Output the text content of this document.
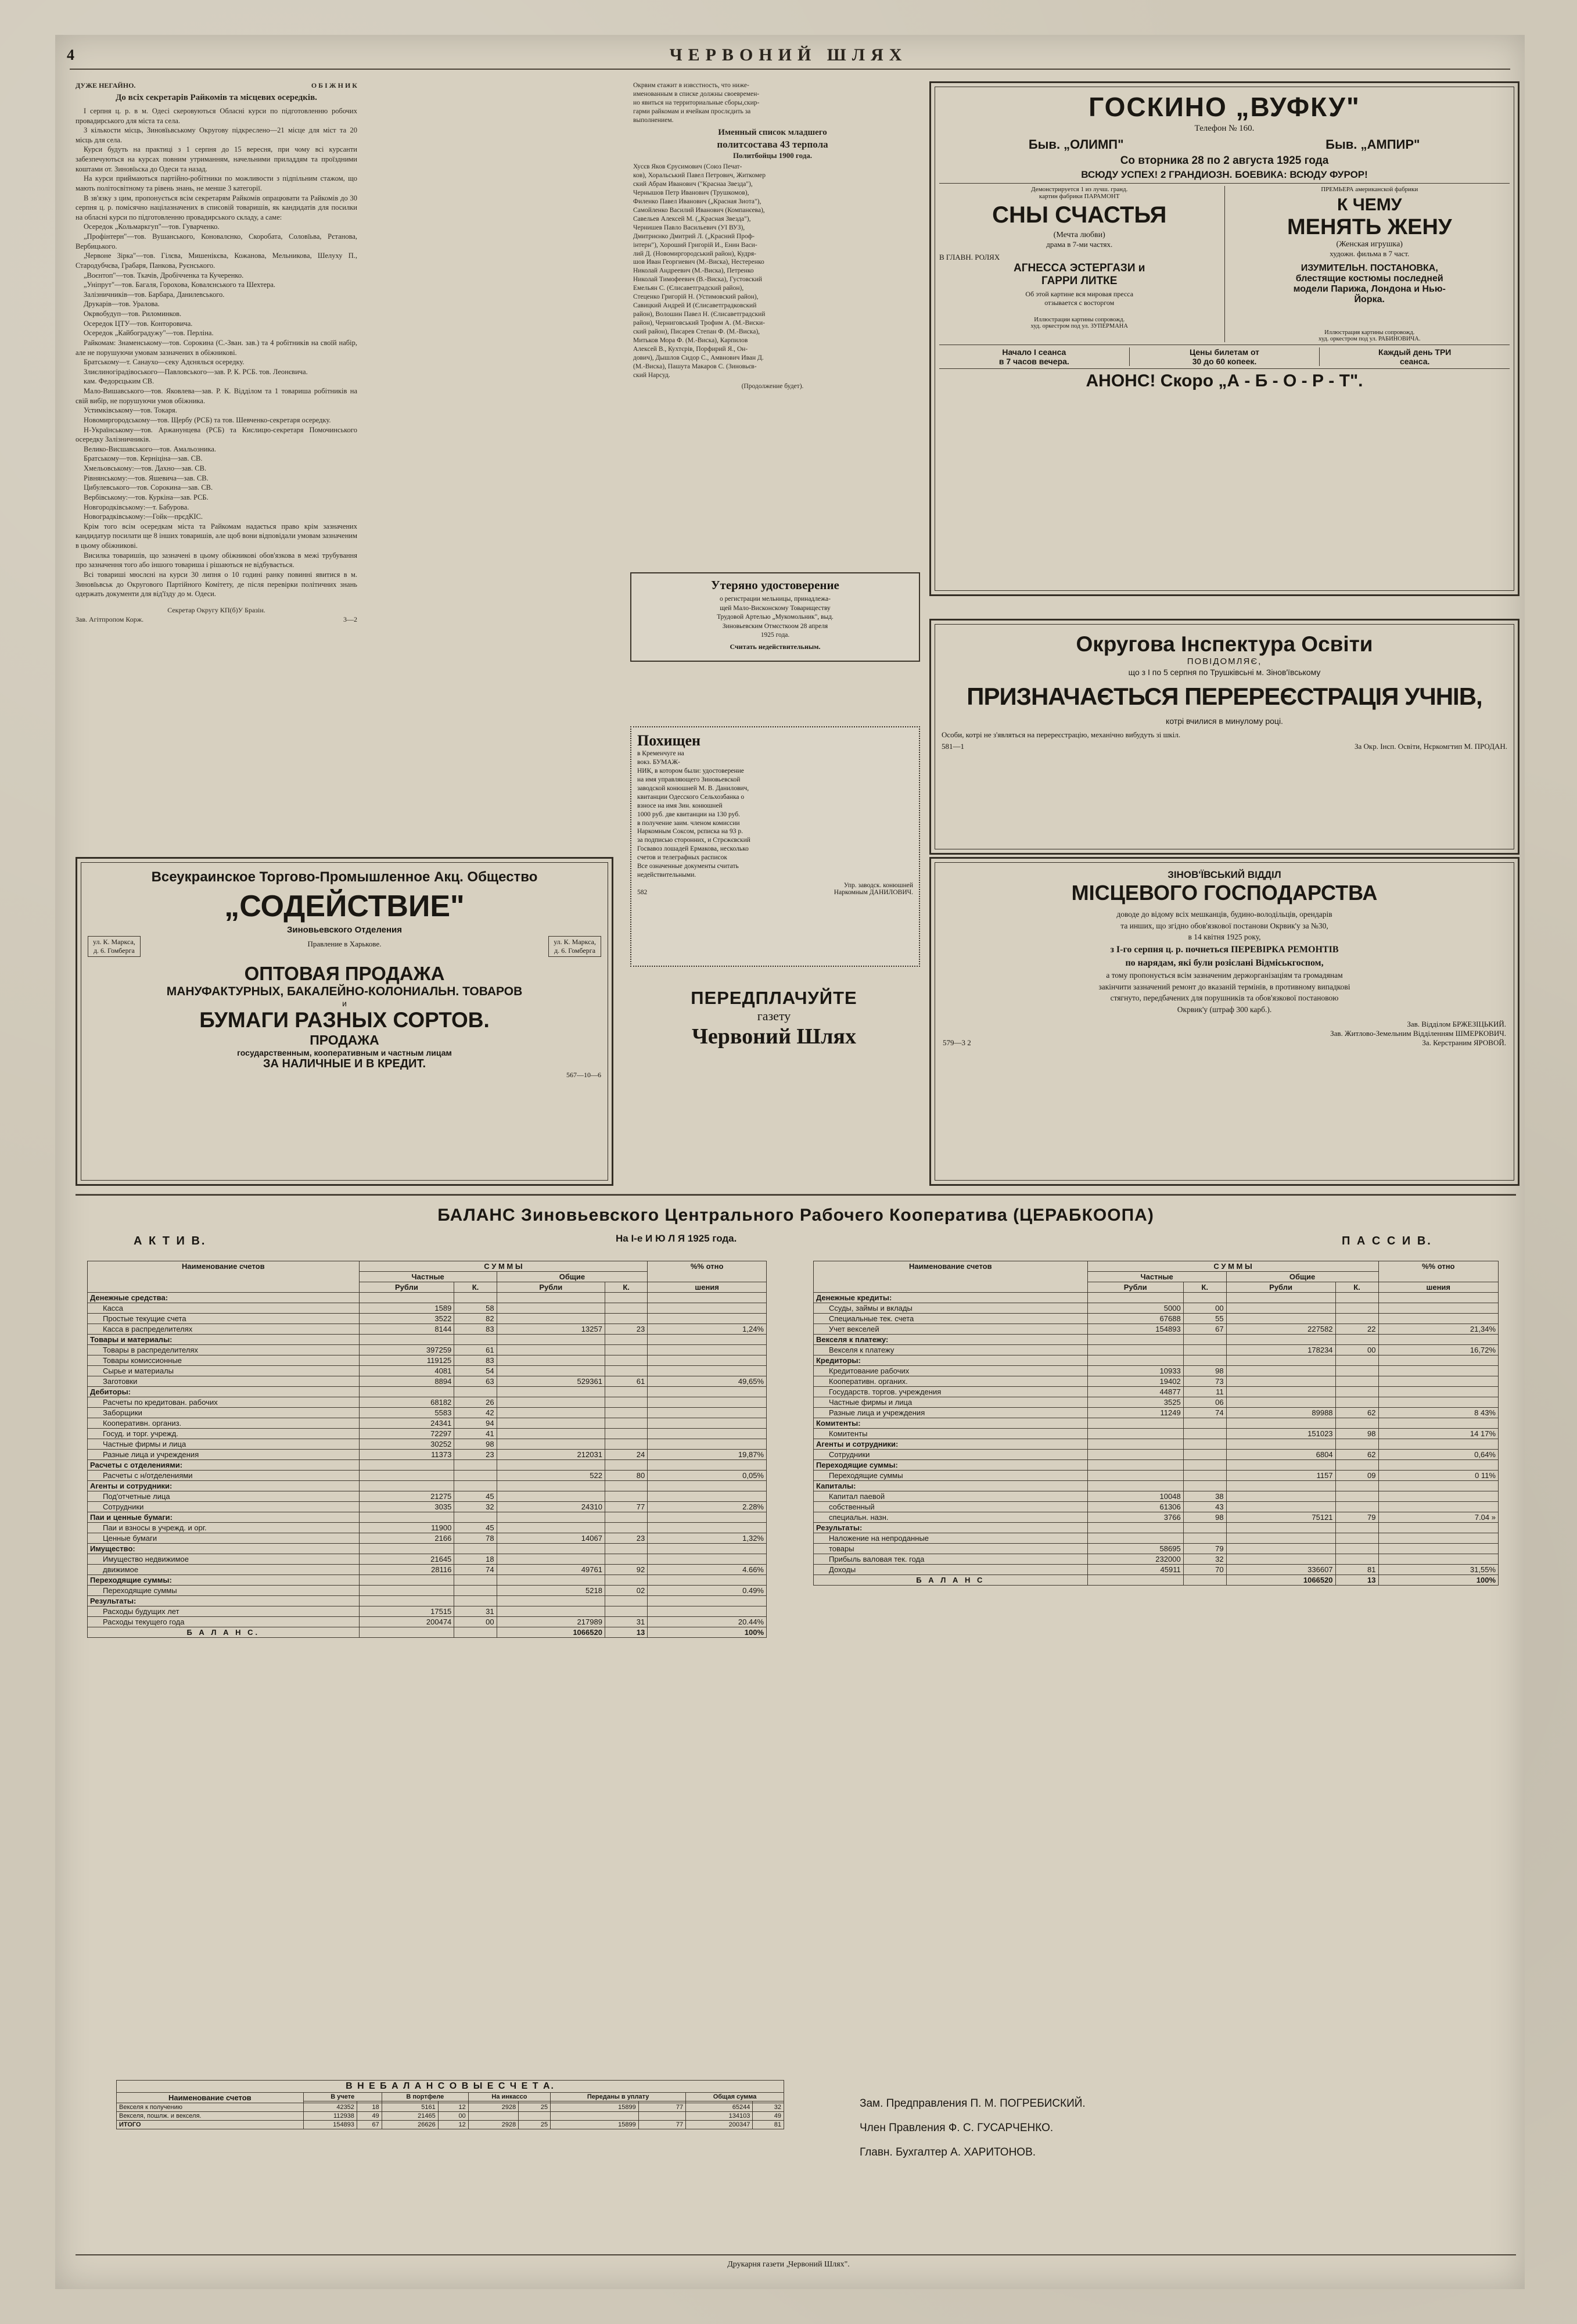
4	ЧЕРВОНИЙ ШЛЯХ
ДУЖЕ НЕГАЙНО.	О Б І Ж Н И К
До всіх секретарів Райкомів та місцевих осередків.
І серпня ц. р. в м. Одесі скеровуються Обласні курси по підготовленню робочих провадирського для міста та села.
З кількости місць, Зиновїьвському Округову підкреслено—21 місце для міст та 20 місць для села.
Курси будуть на практиці з 1 серпня до 15 вересня, при чому всі курсанти забезпечуються на курсах повним утриманням, начельними приладдям та проїздними коштами от. Зиновїьска до Одеси та назад.
На курси приймаються партійно-робітники по можливости з підпільним стажом, що мають політосвітному та рівень знань, не менше 3 категорії.
В зв'язку з цим, пропонується всім секретарям Райкомів опрацювати та Райкомів до 30 серпня ц. р. помісячно націлазначених в списовій товаришів, як кандидатів для посилки на обласні курси по підготовленню провадирського складу, а саме:
Осередок „Кольмаркгуп"—тов. Гуварченко.
„Профінтерн"—тов. Вушанського, Коновалєнко, Скоробата, Соловїьва, Рєтанова, Вербицького.
„Червоне Зірка"—тов. Гілєва, Мишенікєва, Кожанова, Мельникова, Шелуху П., Стародубчєва, Грабаря, Панкова, Руєнського.
„Воєнтоп"—тов. Ткачів, Дробічченка та Кучеренко.
„Уніпрут"—тов. Багаля, Горохова, Ковалєнського та Шехтера.
Залізничників—тов. Барбара, Данилевського.
Друкарів—тов. Уралова.
Окрвобудуп—тов. Риломинков.
Осередок ЦТУ—тов. Конторовича.
Осередок „Кайбоградужу"—тов. Перліна.
Райкомам: Знаменському—тов. Сорокина (С.-Зван. зав.) та 4 робітників на своїй набір, але не порушуючи умовам зазначених в обіжникові.
Братському—т. Санаухо—секу Адєнялься осередку.
Злиєлиногірадівоського—Павловського—зав. Р. К. РСБ. тов. Леонєвича.
кам. Федорєцьким СВ.
Мало-Вишавського—тов. Яковлева—зав. Р. К. Відділом та 1 товариша робітників на свій вибір, не порушуючи умов обіжника.
Устимківському—тов. Токаря.
Новомиргородському—тов. Щербу (РСБ) та тов. Шевченко-секретаря осередку.
Н-Українському—тов. Аржанунцева (РСБ) та Кислицю-секретаря Помочинського осередку Залізничників.
Велико-Висшавського—тов. Амальозника.
Братському—тов. Керніціна—зав. СВ.
Хмельовському:—тов. Дахно—зав. СВ.
Рівнянському:—тов. Яшевича—зав. СВ.
Цибулевського—тов. Сорокина—зав. СВ.
Вербівському:—тов. Куркіна—зав. РСБ.
Новгородківському:—т. Бабурова.
Новоградківському:—Гойк—прєдКІС.
Крім того всім осередкам міста та Райкомам надається право крім зазначених кандидатур посилати ще 8 інших товаришів, але щоб вони відповідали умовам зазначеним в цьому обіжникові.
Висилка товаришів, що зазначені в цьому обіжникові обов'язкова в межі трубування про зазначення того або іншого товариша і рішаються не відбувається.
Всі товариші мюслєні на курси 30 липня о 10 годині ранку повинні явитися в м. Зиновїьвськ до Округового Партійного Комітету, де після перевірки політичних знань одержать документи для від'їзду до м. Одеси.
Секретар Округу КП(б)У Бразін.
Зав. Агітпропом Корж.	3—2
Окрвим єтажит в извсстность, что ниже-
именованным в списке должны своевремен-
но явиться на территориальные сборы,скир-
гарми райкомам и ячейкам прослєдить за
выполнением.
Именный список младшего
политсостава 43 терпола
Политбойцы 1900 года.
Хусєв Яков Єрусимович (Союз Печат-
ков), Хоральський Павел Петрович, Житкомер
ский Абрам Иванович ("Краснаа Звезда"),
Чернышов Петр Иванович (Трушкомов),
Филенко Павел Иванович („Красная Зиота"),
Самойленко Василий Иванович (Компанєева),
Савельев Алексей М. („Красная Звезда"),
Чернишев Павло Васильевич (УІ ВУЗ),
Дмитриєнко Дмитрий Л. („Красний Проф-
інтерн"), Хороший Григорій И., Енин Васи-
лий Д. (Новомиргородський район), Кудря-
шов Иван Георгиевич (М.-Виска), Нестеренко
Николай Андреевич (М.-Виска), Петренко
Николай Тимофеевич (В.-Виска), Густовский
Емельян С. (Єлисаветградский район),
Стеценко Григорій Н. (Устимовский район),
Савицкий Андрей И (Єлисаветградковский
район), Волошин Павел Н. (Єлисаветградский
район), Черниговський Трофим А. (М.-Виски-
ский район), Писарев Степан Ф. (М.-Виска),
Митьков Мора Ф. (М.-Виска), Карпилов
Алексей В., Кухтєрів, Порфирий Я., Он-
дович), Дышлов Сидор С., Амвнович Иван Д.
(М.-Виска), Пашута Макаров С. (Зиновьєв-
ский Нарсуд.
(Продолжение будет).
Утеряно удостоверение
о регистрации мельницы, принадлежа-
щей Мало-Висконскому Товариществу
Трудовой Артелью „Мукомольник", выд.
Зиновьевским Отмєсткоом 28 апреля
1925 года.
Считать недействительным.
Похищен
в Кременчуге на
вокз. БУМАЖ-
НИК, в котором были: удостоверение
на имя управляющего Зиновьевской
заводской конюшней М. В. Данилович,
квитанции Одесского Сельхозбанка о
взносе на имя Зин. конюшней
1000 руб. две квитанции на 130 руб.
в получение заим. членом комиссии
Наркомным Соксом, рєписка на 93 р.
за подписью сторонних, и Стрєжєвский
Госвавоз лошадей Ермакова, несколько
счетов и телеграфных расписок
Все означенные документы считать
недействительными.
Упр. заводск. конюшней
582	Наркомным ДАНИЛОВИЧ.
ПЕРЕДПЛАЧУЙТЕ
газету
Червоний Шлях
ГОСКИНО „ВУФКУ"
Телефон № 160.
Быв. „ОЛИМП"	Быв. „АМПИР"
Со вторника 28 по 2 августа 1925 года
ВСЮДУ УСПЕХ! 2 ГРАНДИОЗН. БОЕВИКА: ВСЮДУ ФУРОР!
Демонстрируется 1 из лучш. гранд.
картин фабрики ПАРАМОНТ
СНЫ СЧАСТЬЯ
(Мечта любви)
драма в 7-ми частях.
В ГЛАВН. РОЛЯХ
АГНЕССА ЭСТЕРГАЗИ и
ГАРРИ ЛИТКЕ
Об этой картине вся мировая пресса
отзывается с восторгом
Иллюстрации картины сопровожд.
худ. оркестром под ул. ЗУПЕРМАНА
ПРЕМЬЕРА американской фабрики
К ЧЕМУ
МЕНЯТЬ ЖЕНУ
(Женская игрушка)
художн. фильма в 7 част.
ИЗУМИТЕЛЬН. ПОСТАНОВКА,
блестящие костюмы последней
модели Парижа, Лондона и Нью-
Йорка.
Иллюстрация картины сопровожд.
худ. оркестром под ул. РАБИНОВИЧА.
Начало І сеанса
в 7 часов вечера.
Цены билетам от
30 до 60 копеек.
Каждый день ТРИ
сеанса.
АНОНС! Скоро „А - Б - О - Р - Т".
Округова Інспектура Освіти
ПОВІДОМЛЯЄ,
що з І по 5 серпня по Трушківсьні м. Зінов'ївському
ПРИЗНАЧАЄТЬСЯ ПЕРЕРЕЄСТРАЦІЯ УЧНІВ,
котрі вчилися в минулому році.
Особи, котрі не з'являться на перереєстрацію, механічно вибудуть зі шкіл.
581—1	За Окр. Інсп. Освіти, Нєркомгтип М. ПРОДАН.
Всеукраинское Торгово-Промышленное Акц. Общество
„СОДЕЙСТВИЕ"
Зиновьевского Отделения
ул. К. Маркса,
д. 6. Гомберга
Правление в Харькове.	ул. К. Маркса,
д. 6. Гомберга
ОПТОВАЯ ПРОДАЖА
МАНУФАКТУРНЫХ, БАКАЛЕЙНО-КОЛОНИАЛЬН. ТОВАРОВ
и
БУМАГИ РАЗНЫХ СОРТОВ.
ПРОДАЖА
государственным, кооперативным и частным лицам
ЗА НАЛИЧНЫЕ И В КРЕДИТ.
567—10—6
ЗІНОВ'ЇВСЬКИЙ ВІДДІЛ
МІСЦЕВОГО ГОСПОДАРСТВА
доводе до відому всіх мешканців, будино-володільців, орендарів
та инших, що згідно обов'язкової постанови Окрвик'у за №30,
в 14 квітня 1925 року,
з І-го серпня ц. р. почнеться ПЕРЕВІРКА РЕМОНТІВ
по нарядам, які були розіслані Відміськгоспом,
а тому пропонується всім зазначеним держорганізаціям та громадянам
закінчити зазначений ремонт до вказаній термінів, в противному випадкові
стягнуто, передбачених для порушників та обов'язкової постановою
Окрвик'у (штраф 300 карб.).
Зав. Відділом БРЖЕЗІЦЬКИЙ.
Зав. Житлово-Земельним Відділенням ШМЕРКОВИЧ.
579—3 2	За. Керстраним ЯРОВОЙ.
БАЛАНС Зиновьевского Центрального Рабочего Кооператива (ЦЕРАБКООПА)
А К Т И В.	На І-е И Ю Л Я 1925 года.	П А С С И В.
Наименование счетов	С У М М Ы				%% отно
	Частные		Общие		
	Рубли	К.	Рубли	К.	шения
Денежные средства:					
Касса	1589	58			
Простые текущие счета	3522	82			
Касса в распределителях	8144	83	13257	23	1,24%
Товары и материалы:					
Товары в распределителях	397259	61			
Товары комиссионные	119125	83			
Сырье и материалы	4081	54			
Заготовки	8894	63	529361	61	49,65%
Дебиторы:					
Расчеты по кредитован. рабочих	68182	26			
Заборщики	5583	42			
Кооперативн. организ.	24341	94			
Госуд. и торг. учрежд.	72297	41			
Частные фирмы и лица	30252	98			
Разные лица и учреждения	11373	23	212031	24	19,87%
Расчеты с отделениями:					
Расчеты с н/отделениями			522	80	0,05%
Агенты и сотрудники:					
Под'отчетные лица	21275	45			
Сотрудники	3035	32	24310	77	2.28%
Паи и ценные бумаги:					
Паи и взносы в учрежд. и орг.	11900	45			
Ценные бумаги	2166	78	14067	23	1,32%
Имущество:					
Имущество недвижимое	21645	18			
движимое	28116	74	49761	92	4.66%
Переходящие суммы:					
Переходящие суммы			5218	02	0.49%
Результаты:					
Расходы будущих лет	17515	31			
Расходы текущего года	200474	00	217989	31	20.44%
Б А Л А Н С.			1066520	13	100%
Наименование счетов	С У М М Ы				%% отно
	Частные		Общие		
	Рубли	К.	Рубли	К.	шения
Денежные кредиты:					
Ссуды, займы и вклады	5000	00			
Специальные тек. счета	67688	55			
Учет векселей	154893	67	227582	22	21,34%
Векселя к платежу:					
Векселя к платежу			178234	00	16,72%
Кредиторы:					
Кредитование рабочих	10933	98			
Кооперативн. органих.	19402	73			
Государств. торгов. учреждения	44877	11			
Частные фирмы и лица	3525	06			
Разные лица и учреждения	11249	74	89988	62	8 43%
Комитенты:					
Комитенты			151023	98	14 17%
Агенты и сотрудники:					
Сотрудники			6804	62	0,64%
Переходящие суммы:					
Переходящие суммы			1157	09	0 11%
Капиталы:					
Капитал паевой	10048	38			
собственный	61306	43			
специальн. назн.	3766	98	75121	79	7.04 »
Результаты:					
Наложение на непроданные					
товары	58695	79			
Прибыль валовая тек. года	232000	32			
Доходы	45911	70	336607	81	31,55%
Б А Л А Н С			1066520	13	100%
В Н Е Б А Л А Н С О В Ы Е С Ч Е Т А.										
Наименование счетов	В учете		В портфеле		На инкассо		Переданы в уплату		Общая сумма	

Векселя к получению	42352	18	5161	12	2928	25	15899	77	65244	32
Векселя, пошлж. и векселя.	112938	49	21465	00					134103	49
ИТОГО	154893	67	26626	12	2928	25	15899	77	200347	81
Зам. Предправления П. М. ПОГРЕБИСКИЙ.
Член Правления Ф. С. ГУСАРЧЕНКО.
Главн. Бухгалтер А. ХАРИТОНОВ.
Друкарня газети „Червоний Шлях".
